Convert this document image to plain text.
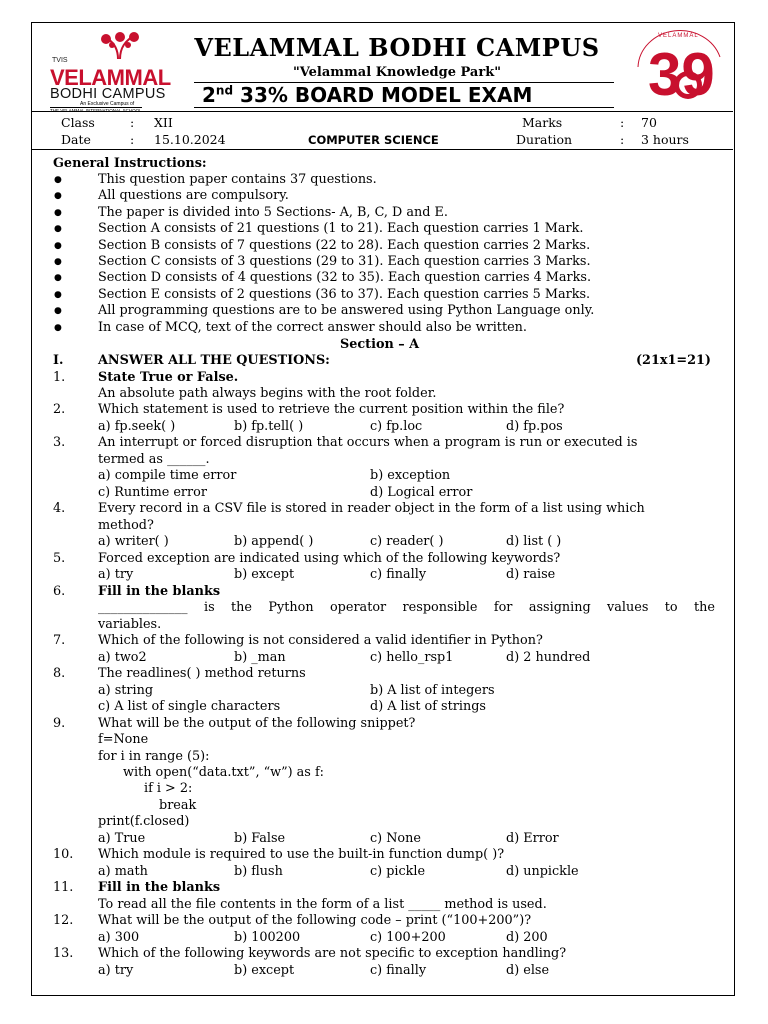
TVIS
VELAMMAL
BODHI CAMPUS
An Exclusive Campus of
THE VELAMMAL INTERNATIONAL SCHOOL
VELAMMAL BODHI CAMPUS
"Velammal Knowledge Park"
2nd 33% BOARD MODEL EXAM
VELAMMAL
39
Class	: XII
Date	: 15.10.2024	COMPUTER SCIENCE
Marks	: 70
Duration	: 3 hours
General Instructions:
●	This question paper contains 37 questions.
●	All questions are compulsory.
●	The paper is divided into 5 Sections- A, B, C, D and E.
●	Section A consists of 21 questions (1 to 21). Each question carries 1 Mark.
●	Section B consists of 7 questions (22 to 28). Each question carries 2 Marks.
●	Section C consists of 3 questions (29 to 31). Each question carries 3 Marks.
●	Section D consists of 4 questions (32 to 35). Each question carries 4 Marks.
●	Section E consists of 2 questions (36 to 37). Each question carries 5 Marks.
●	All programming questions are to be answered using Python Language only.
●	In case of MCQ, text of the correct answer should also be written.
Section – A
I.	ANSWER ALL THE QUESTIONS:	(21x1=21)
1.	State True or False.
An absolute path always begins with the root folder.
2.	Which statement is used to retrieve the current position within the file?
a) fp.seek( )	b) fp.tell( )	c) fp.loc	d) fp.pos
3.	An interrupt or forced disruption that occurs when a program is run or executed is
termed as ______.
a) compile time error	b) exception
c) Runtime error	d) Logical error
4.	Every record in a CSV file is stored in reader object in the form of a list using which
method?
a) writer( )	b) append( )	c) reader( )	d) list ( )
5.	Forced exception are indicated using which of the following keywords?
a) try	b) except	c) finally	d) raise
6.	Fill in the blanks
______________ is the Python operator responsible for assigning values to the
variables.
7.	Which of the following is not considered a valid identifier in Python?
a) two2	b) _man	c) hello_rsp1	d) 2 hundred
8.	The readlines( ) method returns
a) string	b) A list of integers
c) A list of single characters	d) A list of strings
9.	What will be the output of the following snippet?
f=None
for i in range (5):
with open(“data.txt”, “w”) as f:
if i > 2:
break
print(f.closed)
a) True	b) False	c) None	d) Error
10. Which module is required to use the built-in function dump( )?
a) math	b) flush	c) pickle	d) unpickle
11. Fill in the blanks
To read all the file contents in the form of a list _____ method is used.
12. What will be the output of the following code – print (“100+200”)?
a) 300	b) 100200	c) 100+200	d) 200
13. Which of the following keywords are not specific to exception handling?
a) try	b) except	c) finally	d) else
